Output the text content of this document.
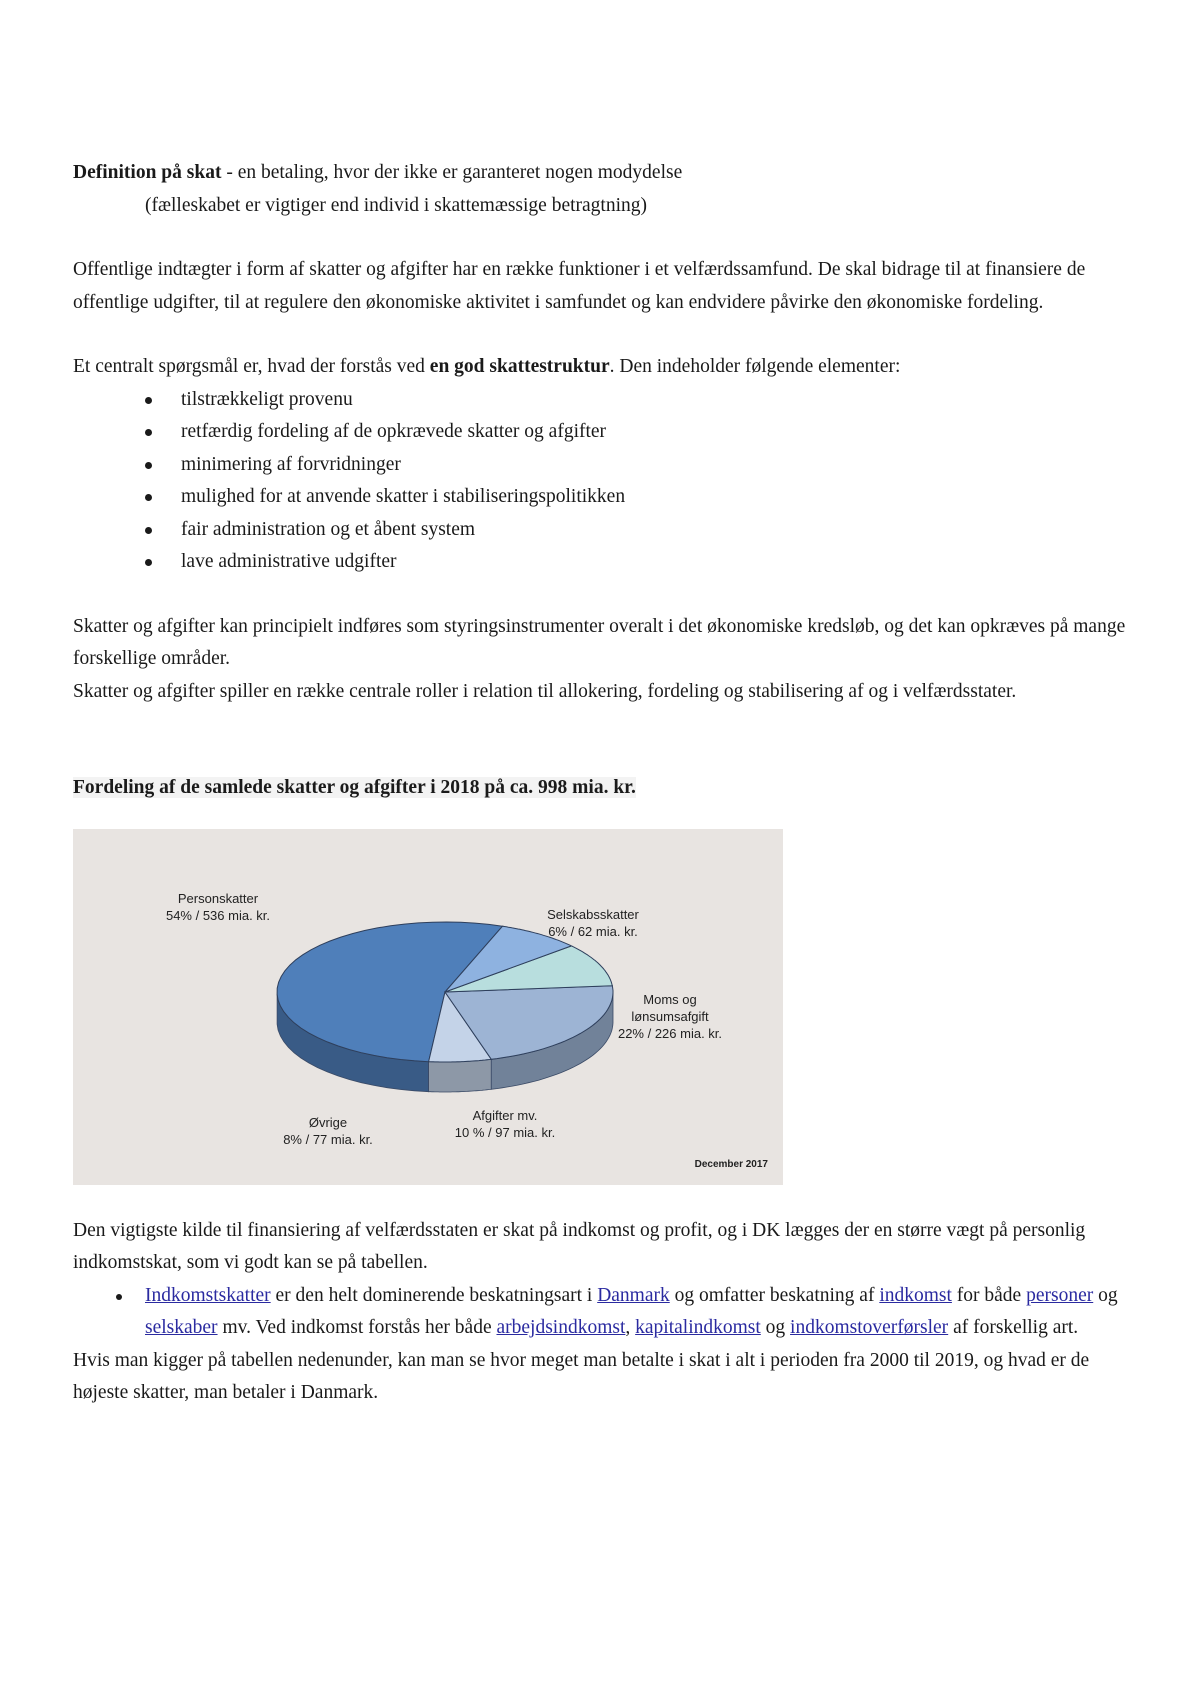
Definition på skat - en betaling, hvor der ikke er garanteret nogen modydelse

(fælleskabet er vigtiger end individ i skattemæssige betragtning)

Offentlige indtægter i form af skatter og afgifter har en række funktioner i et velfærdssamfund. De skal bidrage til at finansiere de offentlige udgifter, til at regulere den økonomiske aktivitet i samfundet og kan endvidere påvirke den økonomiske fordeling.

Et centralt spørgsmål er, hvad der forstås ved en god skattestruktur. Den indeholder følgende elementer:

tilstrækkeligt provenu
retfærdig fordeling af de opkrævede skatter og afgifter
minimering af forvridninger
mulighed for at anvende skatter i stabiliseringspolitikken
fair administration og et åbent system
lave administrative udgifter

Skatter og afgifter kan principielt indføres som styringsinstrumenter overalt i det økonomiske kredsløb, og det kan opkræves på mange forskellige områder.

Skatter og afgifter spiller en række centrale roller i relation til allokering, fordeling og stabilisering af og i velfærdsstater.

Fordeling af de samlede skatter og afgifter i 2018 på ca. 998 mia. kr.

Personskatter
54% / 536 mia. kr.	Selskabsskatter
6% / 62 mia. kr.
Moms og
lønsumsafgift
22% / 226 mia. kr.
Afgifter mv.
10 % / 97 mia. kr.
Øvrige
8% / 77 mia. kr.
December 2017

Den vigtigste kilde til finansiering af velfærdsstaten er skat på indkomst og profit, og i DK lægges der en større vægt på personlig indkomstskat, som vi godt kan se på tabellen.

Indkomstskatter er den helt dominerende beskatningsart i Danmark og omfatter beskatning af indkomst for både personer og selskaber mv. Ved indkomst forstås her både arbejdsindkomst, kapitalindkomst og indkomstoverførsler af forskellig art.

Hvis man kigger på tabellen nedenunder, kan man se hvor meget man betalte i skat i alt i perioden fra 2000 til 2019, og hvad er de højeste skatter, man betaler i Danmark.
